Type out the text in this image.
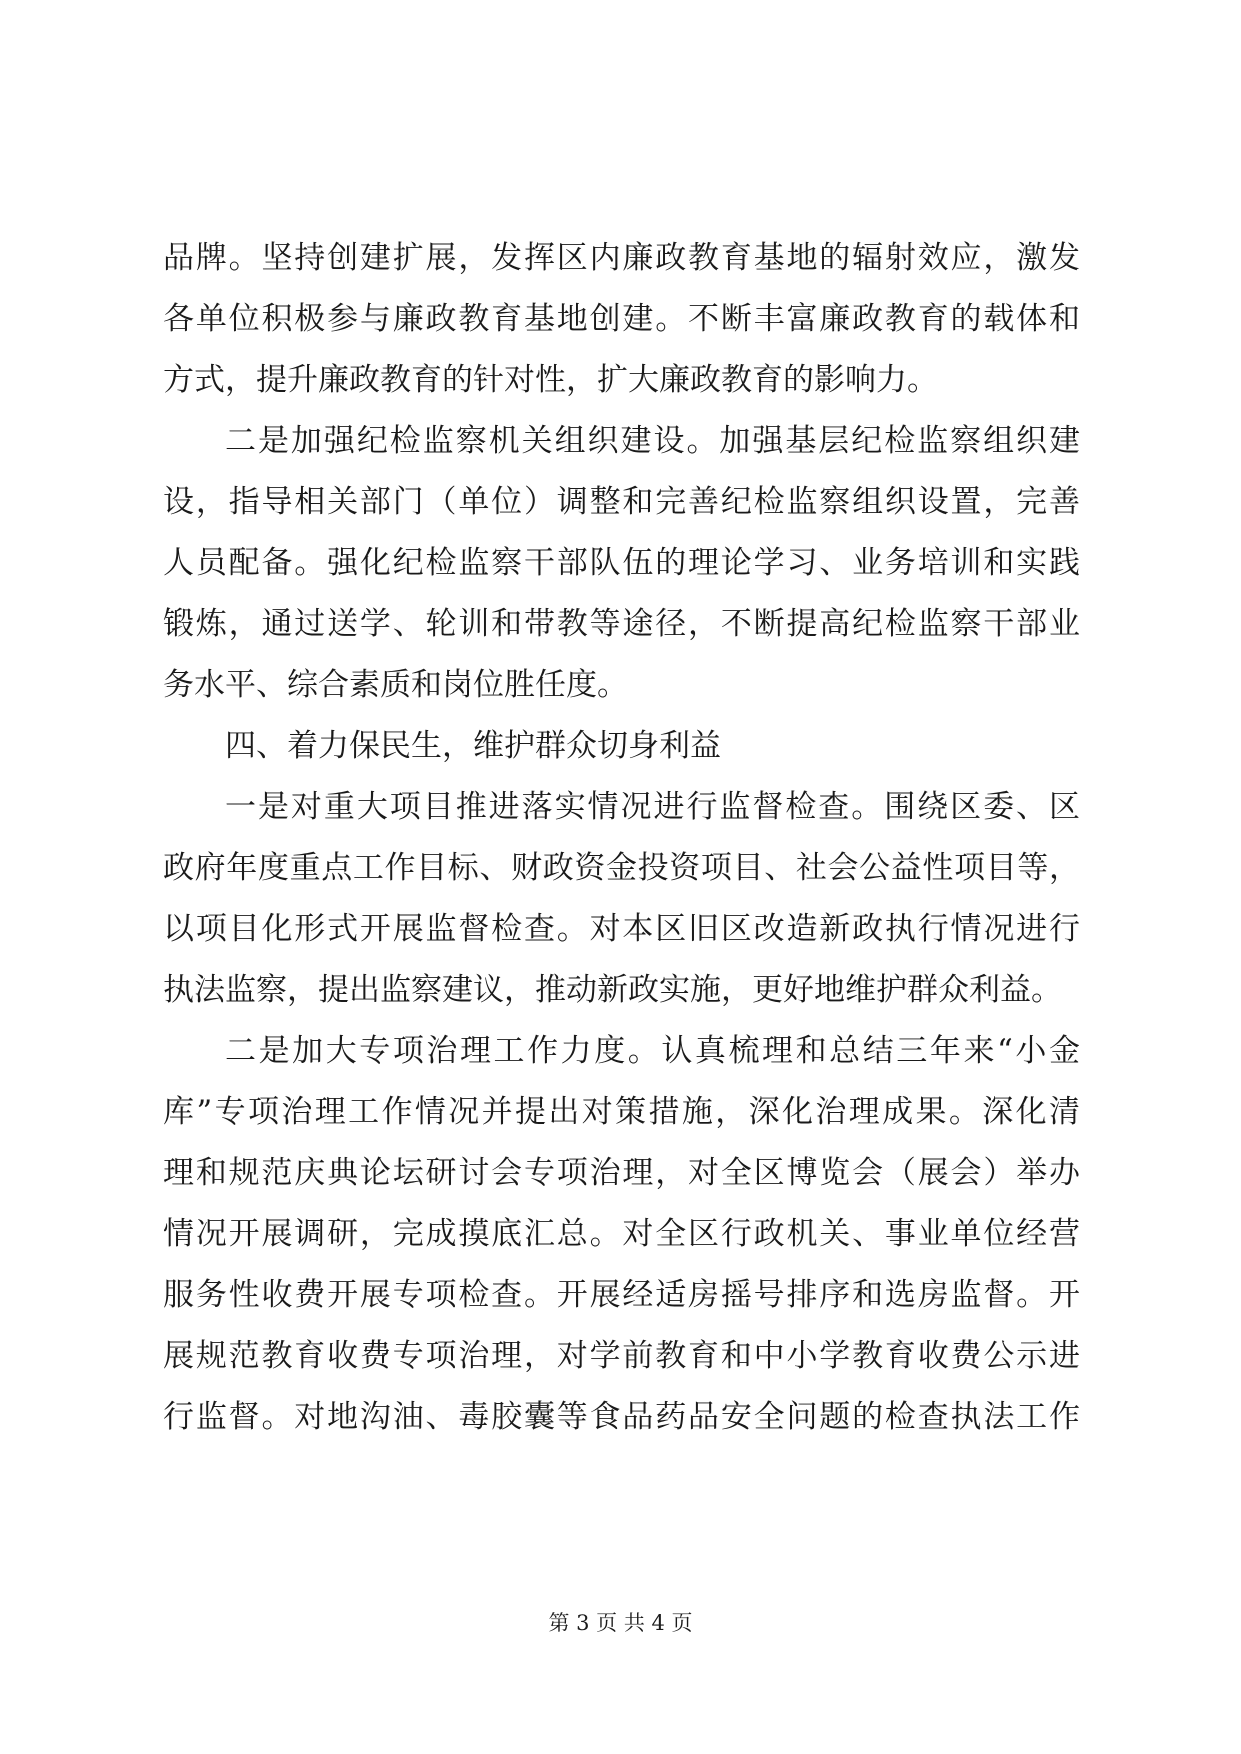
品牌。坚持创建扩展，发挥区内廉政教育基地的辐射效应，激发
各单位积极参与廉政教育基地创建。不断丰富廉政教育的载体和
方式，提升廉政教育的针对性，扩大廉政教育的影响力。
二是加强纪检监察机关组织建设。加强基层纪检监察组织建
设，指导相关部门（单位）调整和完善纪检监察组织设置，完善
人员配备。强化纪检监察干部队伍的理论学习、业务培训和实践
锻炼，通过送学、轮训和带教等途径，不断提高纪检监察干部业
务水平、综合素质和岗位胜任度。
四、着力保民生，维护群众切身利益
一是对重大项目推进落实情况进行监督检查。围绕区委、区
政府年度重点工作目标、财政资金投资项目、社会公益性项目等，
以项目化形式开展监督检查。对本区旧区改造新政执行情况进行
执法监察，提出监察建议，推动新政实施，更好地维护群众利益。
二是加大专项治理工作力度。认真梳理和总结三年来“小金
库”专项治理工作情况并提出对策措施，深化治理成果。深化清
理和规范庆典论坛研讨会专项治理，对全区博览会（展会）举办
情况开展调研，完成摸底汇总。对全区行政机关、事业单位经营
服务性收费开展专项检查。开展经适房摇号排序和选房监督。开
展规范教育收费专项治理，对学前教育和中小学教育收费公示进
行监督。对地沟油、毒胶囊等食品药品安全问题的检查执法工作
第 3 页 共 4 页
